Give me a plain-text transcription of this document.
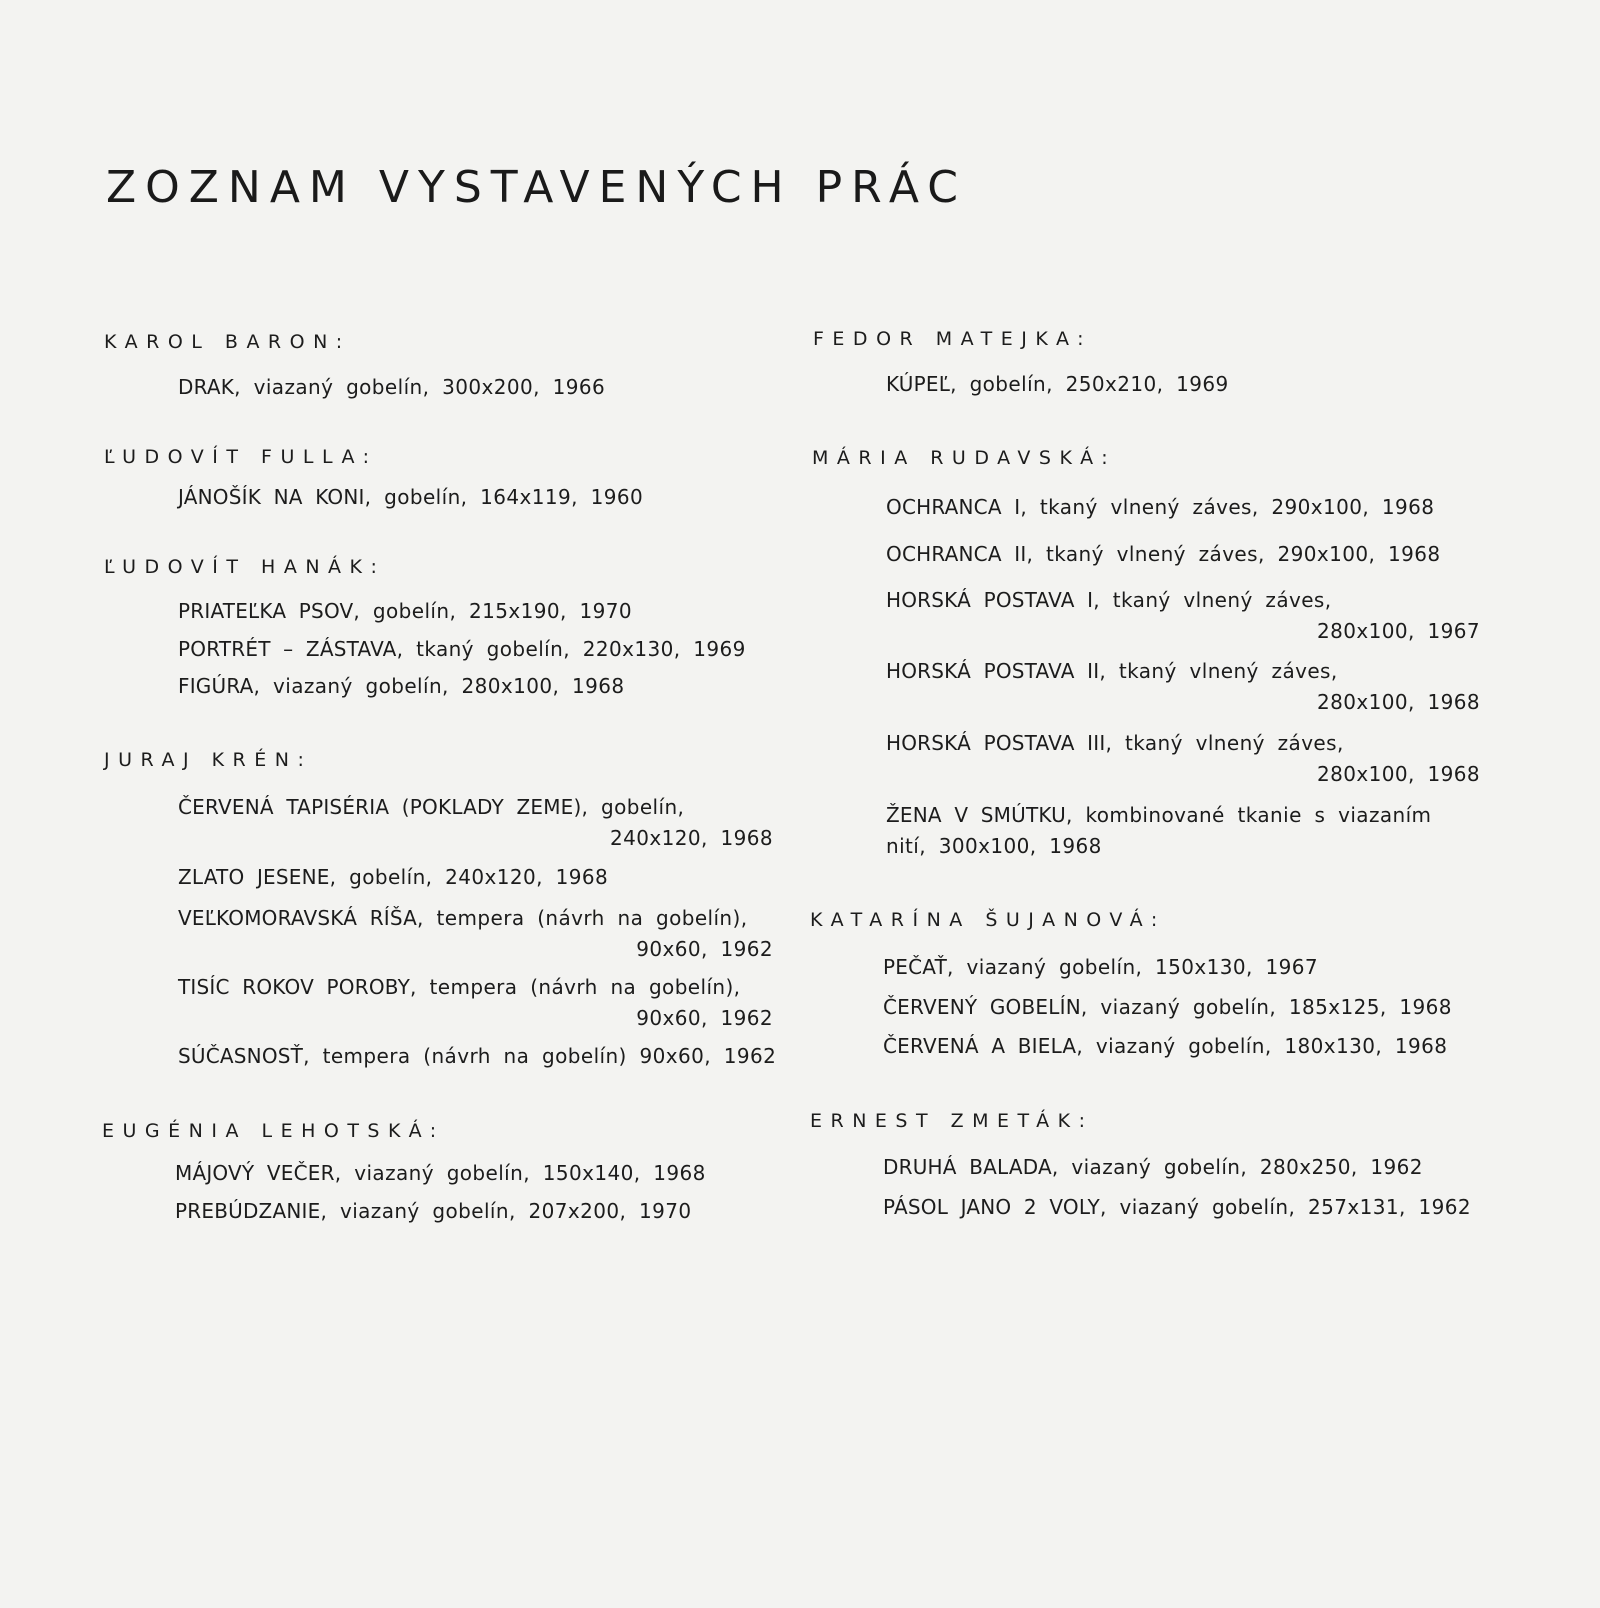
ZOZNAM VYSTAVENÝCH PRÁC
KAROL BARON:
DRAK, viazaný gobelín, 300x200, 1966
ĽUDOVÍT FULLA:
JÁNOŠÍK NA KONI, gobelín, 164x119, 1960
ĽUDOVÍT HANÁK:
PRIATEĽKA PSOV, gobelín, 215x190, 1970
PORTRÉT – ZÁSTAVA, tkaný gobelín, 220x130, 1969
FIGÚRA, viazaný gobelín, 280x100, 1968
JURAJ KRÉN:
ČERVENÁ TAPISÉRIA (POKLADY ZEME), gobelín,
240x120, 1968
ZLATO JESENE, gobelín, 240x120, 1968
VEĽKOMORAVSKÁ RÍŠA, tempera (návrh na gobelín),
90x60, 1962
TISÍC ROKOV POROBY, tempera (návrh na gobelín),
90x60, 1962
SÚČASNOSŤ, tempera (návrh na gobelín) 90x60, 1962
EUGÉNIA LEHOTSKÁ:
MÁJOVÝ VEČER, viazaný gobelín, 150x140, 1968
PREBÚDZANIE, viazaný gobelín, 207x200, 1970
FEDOR MATEJKA:
KÚPEĽ, gobelín, 250x210, 1969
MÁRIA RUDAVSKÁ:
OCHRANCA I, tkaný vlnený záves, 290x100, 1968
OCHRANCA II, tkaný vlnený záves, 290x100, 1968
HORSKÁ POSTAVA I, tkaný vlnený záves,
280x100, 1967
HORSKÁ POSTAVA II, tkaný vlnený záves,
280x100, 1968
HORSKÁ POSTAVA III, tkaný vlnený záves,
280x100, 1968
ŽENA V SMÚTKU, kombinované tkanie s viazaním
nití, 300x100, 1968
KATARÍNA ŠUJANOVÁ:
PEČAŤ, viazaný gobelín, 150x130, 1967
ČERVENÝ GOBELÍN, viazaný gobelín, 185x125, 1968
ČERVENÁ A BIELA, viazaný gobelín, 180x130, 1968
ERNEST ZMETÁK:
DRUHÁ BALADA, viazaný gobelín, 280x250, 1962
PÁSOL JANO 2 VOLY, viazaný gobelín, 257x131, 1962
